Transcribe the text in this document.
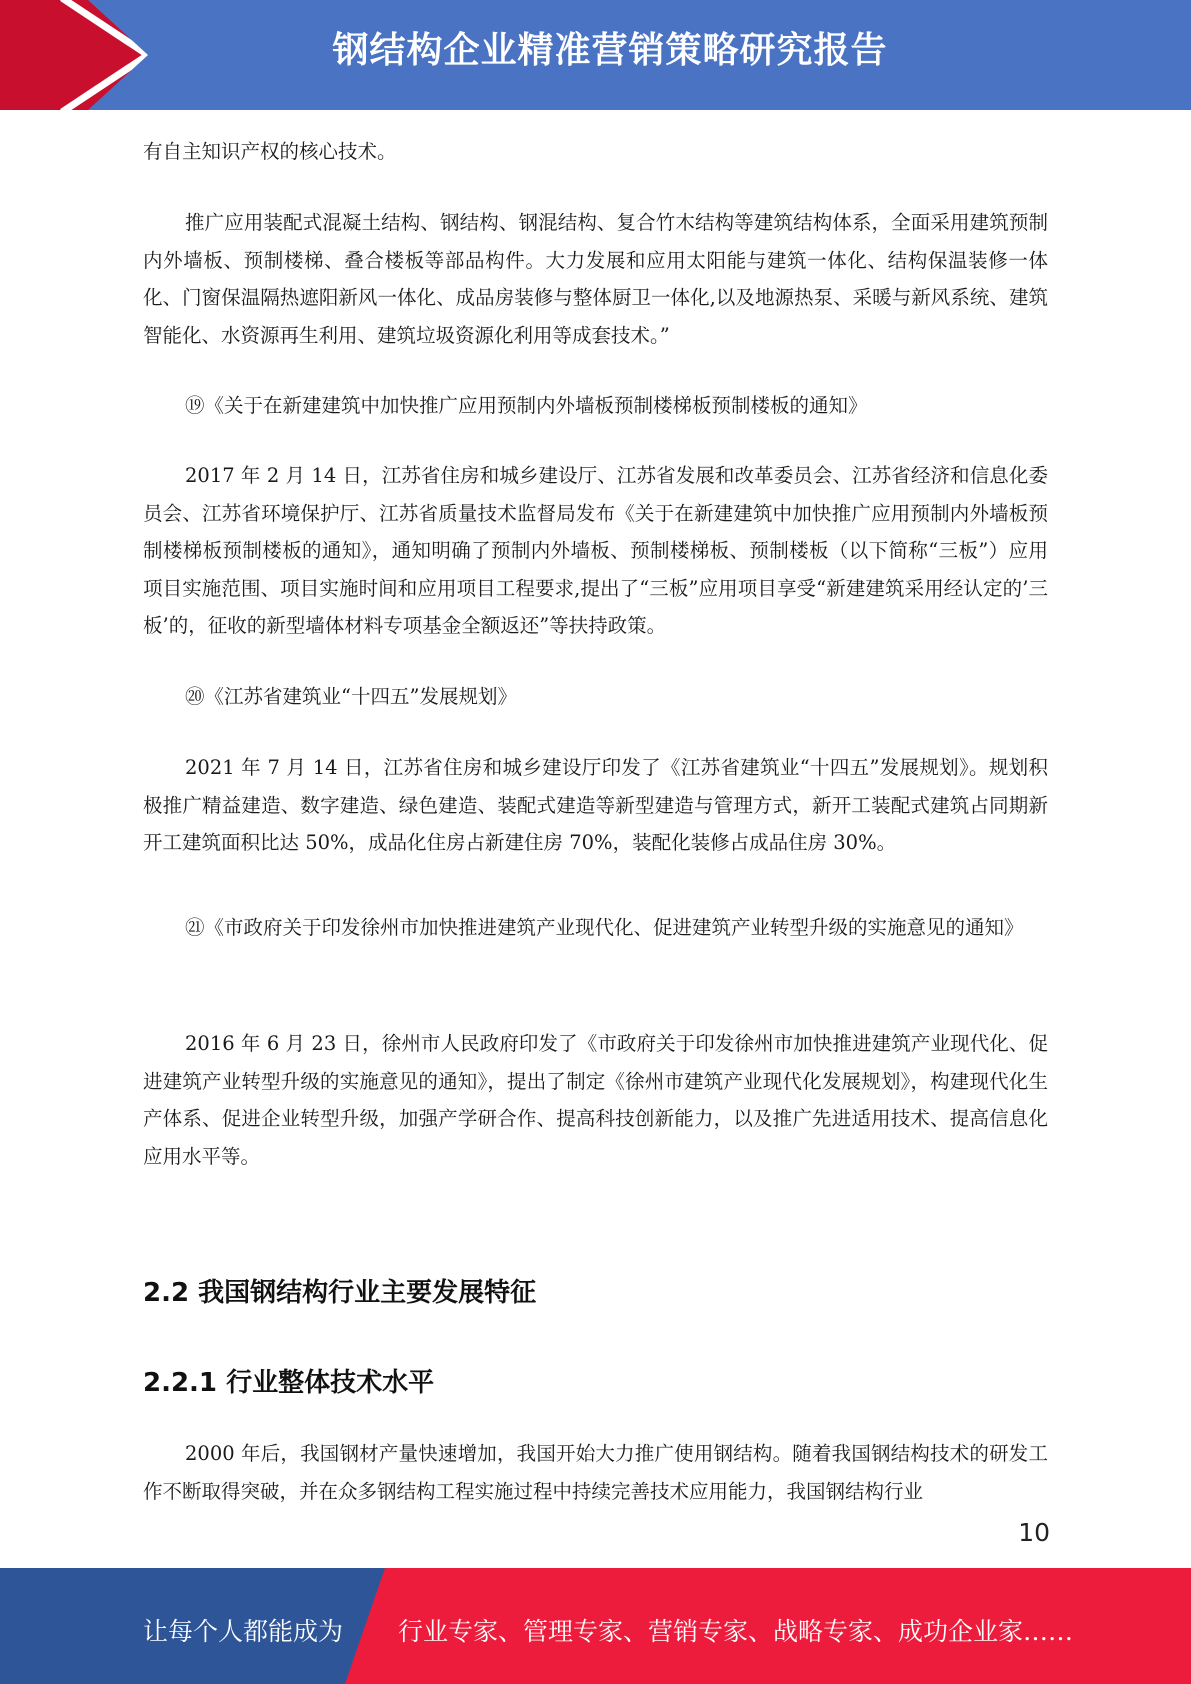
钢结构企业精准营销策略研究报告
有自主知识产权的核心技术。
推广应用装配式混凝土结构、钢结构、钢混结构、复合竹木结构等建筑结构体系，全面采用建筑预制内外墙板、预制楼梯、叠合楼板等部品构件。大力发展和应用太阳能与建筑一体化、结构保温装修一体化、门窗保温隔热遮阳新风一体化、成品房装修与整体厨卫一体化,以及地源热泵、采暖与新风系统、建筑智能化、水资源再生利用、建筑垃圾资源化利用等成套技术。”
⑲《关于在新建建筑中加快推广应用预制内外墙板预制楼梯板预制楼板的通知》
2017 年 2 月 14 日，江苏省住房和城乡建设厅、江苏省发展和改革委员会、江苏省经济和信息化委员会、江苏省环境保护厅、江苏省质量技术监督局发布《关于在新建建筑中加快推广应用预制内外墙板预制楼梯板预制楼板的通知》，通知明确了预制内外墙板、预制楼梯板、预制楼板（以下简称“三板”）应用项目实施范围、项目实施时间和应用项目工程要求,提出了“三板”应用项目享受“新建建筑采用经认定的’三板’的，征收的新型墙体材料专项基金全额返还”等扶持政策。
⑳《江苏省建筑业“十四五”发展规划》
2021 年 7 月 14 日，江苏省住房和城乡建设厅印发了《江苏省建筑业“十四五”发展规划》。规划积极推广精益建造、数字建造、绿色建造、装配式建造等新型建造与管理方式，新开工装配式建筑占同期新开工建筑面积比达 50%，成品化住房占新建住房 70%，装配化装修占成品住房 30%。
㉑《市政府关于印发徐州市加快推进建筑产业现代化、促进建筑产业转型升级的实施意见的通知》
2016 年 6 月 23 日，徐州市人民政府印发了《市政府关于印发徐州市加快推进建筑产业现代化、促进建筑产业转型升级的实施意见的通知》，提出了制定《徐州市建筑产业现代化发展规划》，构建现代化生产体系、促进企业转型升级，加强产学研合作、提高科技创新能力，以及推广先进适用技术、提高信息化应用水平等。
2.2 我国钢结构行业主要发展特征
2.2.1 行业整体技术水平
2000 年后，我国钢材产量快速增加，我国开始大力推广使用钢结构。随着我国钢结构技术的研发工作不断取得突破，并在众多钢结构工程实施过程中持续完善技术应用能力，我国钢结构行业
10
让每个人都能成为 行业专家、管理专家、营销专家、战略专家、成功企业家……
